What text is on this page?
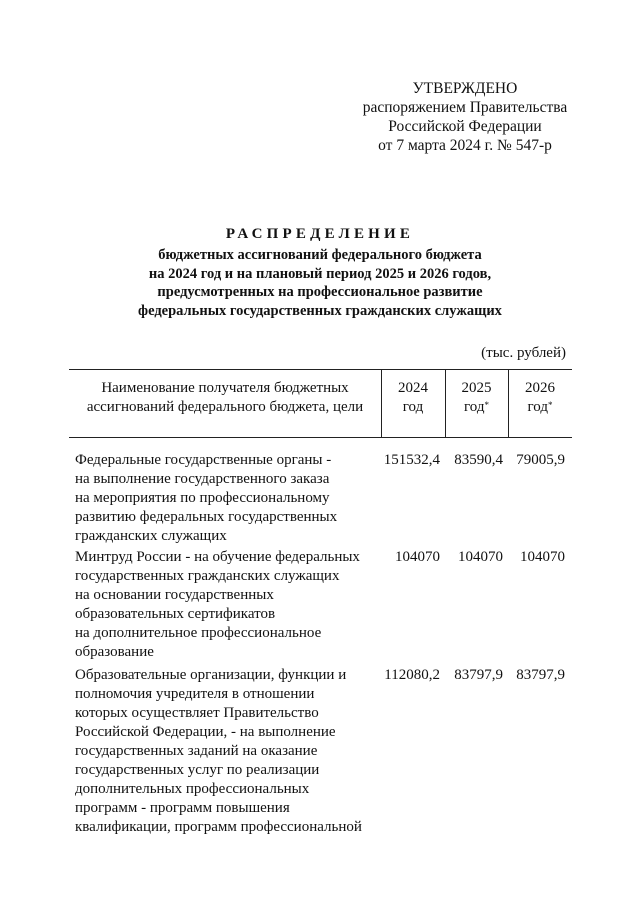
УТВЕРЖДЕНО
распоряжением Правительства
Российской Федерации
от 7 марта 2024 г. № 547-р
РАСПРЕДЕЛЕНИЕ
бюджетных ассигнований федерального бюджета
на 2024 год и на плановый период 2025 и 2026 годов,
предусмотренных на профессиональное развитие
федеральных государственных гражданских служащих
(тыс. рублей)
Наименование получателя бюджетных
ассигнований федерального бюджета, цели
2024
год
2025
год*
2026
год*
Федеральные государственные органы -
на выполнение государственного заказа
на мероприятия по профессиональному
развитию федеральных государственных
гражданских служащих
151532,4 83590,4 79005,9
Минтруд России - на обучение федеральных
государственных гражданских служащих
на основании государственных
образовательных сертификатов
на дополнительное профессиональное
образование
104070	104070	104070
Образовательные организации, функции и
полномочия учредителя в отношении
которых осуществляет Правительство
Российской Федерации, - на выполнение
государственных заданий на оказание
государственных услуг по реализации
дополнительных профессиональных
программ - программ повышения
квалификации, программ профессиональной
112080,2 83797,9 83797,9
